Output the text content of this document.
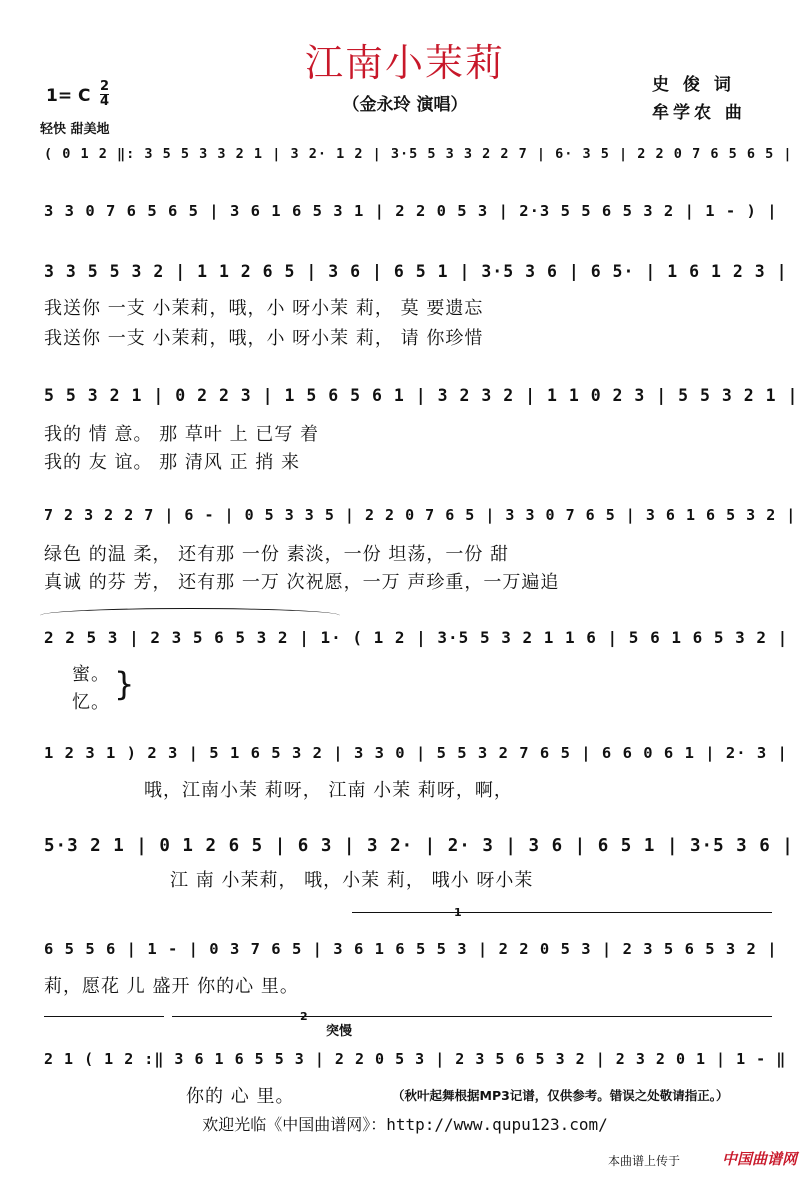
江南小茉莉
（金永玲 演唱）
史 俊 词
牟学农 曲
1= C 2
4
轻快 甜美地
( 0 1 2 ‖: 3 5 5 3 3 2 1 | 3 2· 1 2 | 3·5 5 3 3 2 2 7 | 6· 3 5 | 2 2 0 7 6 5 6 5 |
3 3 0 7 6 5 6 5 | 3 6 1 6 5 3 1 | 2 2 0 5 3 | 2·3 5 5 6 5 3 2 | 1 - ) |
3 3 5 5 3 2 | 1 1 2 6 5 | 3 6 | 6 5 1 | 3·5 3 6 | 6 5· | 1 6 1 2 3 |
我送你 一支 小茉莉，哦，小 呀小茉 莉， 莫 要遗忘
我送你 一支 小茉莉，哦，小 呀小茉 莉， 请 你珍惜
5 5 3 2 1 | 0 2 2 3 | 1 5 6 5 6 1 | 3 2 3 2 | 1 1 0 2 3 | 5 5 3 2 1 |
我的 情 意。 那 草叶 上 已写 着
我的 友 谊。 那 清风 正 捎 来
7 2 3 2 2 7 | 6 - | 0 5 3 3 5 | 2 2 0 7 6 5 | 3 3 0 7 6 5 | 3 6 1 6 5 3 2 |
绿色 的温 柔， 还有那 一份 素淡，一份 坦荡，一份 甜
真诚 的芬 芳， 还有那 一万 次祝愿，一万 声珍重，一万遍追
2 2 5 3 | 2 3 5 6 5 3 2 | 1· ( 1 2 | 3·5 5 3 2 1 1 6 | 5 6 1 6 5 3 2 |
蜜。
忆。 }
1 2 3 1 ) 2 3 | 5 1 6 5 3 2 | 3 3 0 | 5 5 3 2 7 6 5 | 6 6 0 6 1 | 2· 3 |
哦，江南小茉 莉呀， 江南 小茉 莉呀，啊，
5·3 2 1 | 0 1 2 6 5 | 6 3 | 3 2· | 2· 3 | 3 6 | 6 5 1 | 3·5 3 6 |
江 南 小茉莉， 哦，小茉 莉， 哦小 呀小茉
1
6 5 5 6 | 1 - | 0 3 7 6 5 | 3 6 1 6 5 5 3 | 2 2 0 5 3 | 2 3 5 6 5 3 2 |
莉，愿花 儿 盛开 你的心 里。
2
突慢
2 1 ( 1 2 :‖ 3 6 1 6 5 5 3 | 2 2 0 5 3 | 2 3 5 6 5 3 2 | 2 3 2 0 1 | 1 - ‖
你的 心 里。	（秋叶起舞根据MP3记谱，仅供参考。错误之处敬请指正。）
欢迎光临《中国曲谱网》：http://www.qupu123.com/
本曲谱上传于	中国曲谱网
